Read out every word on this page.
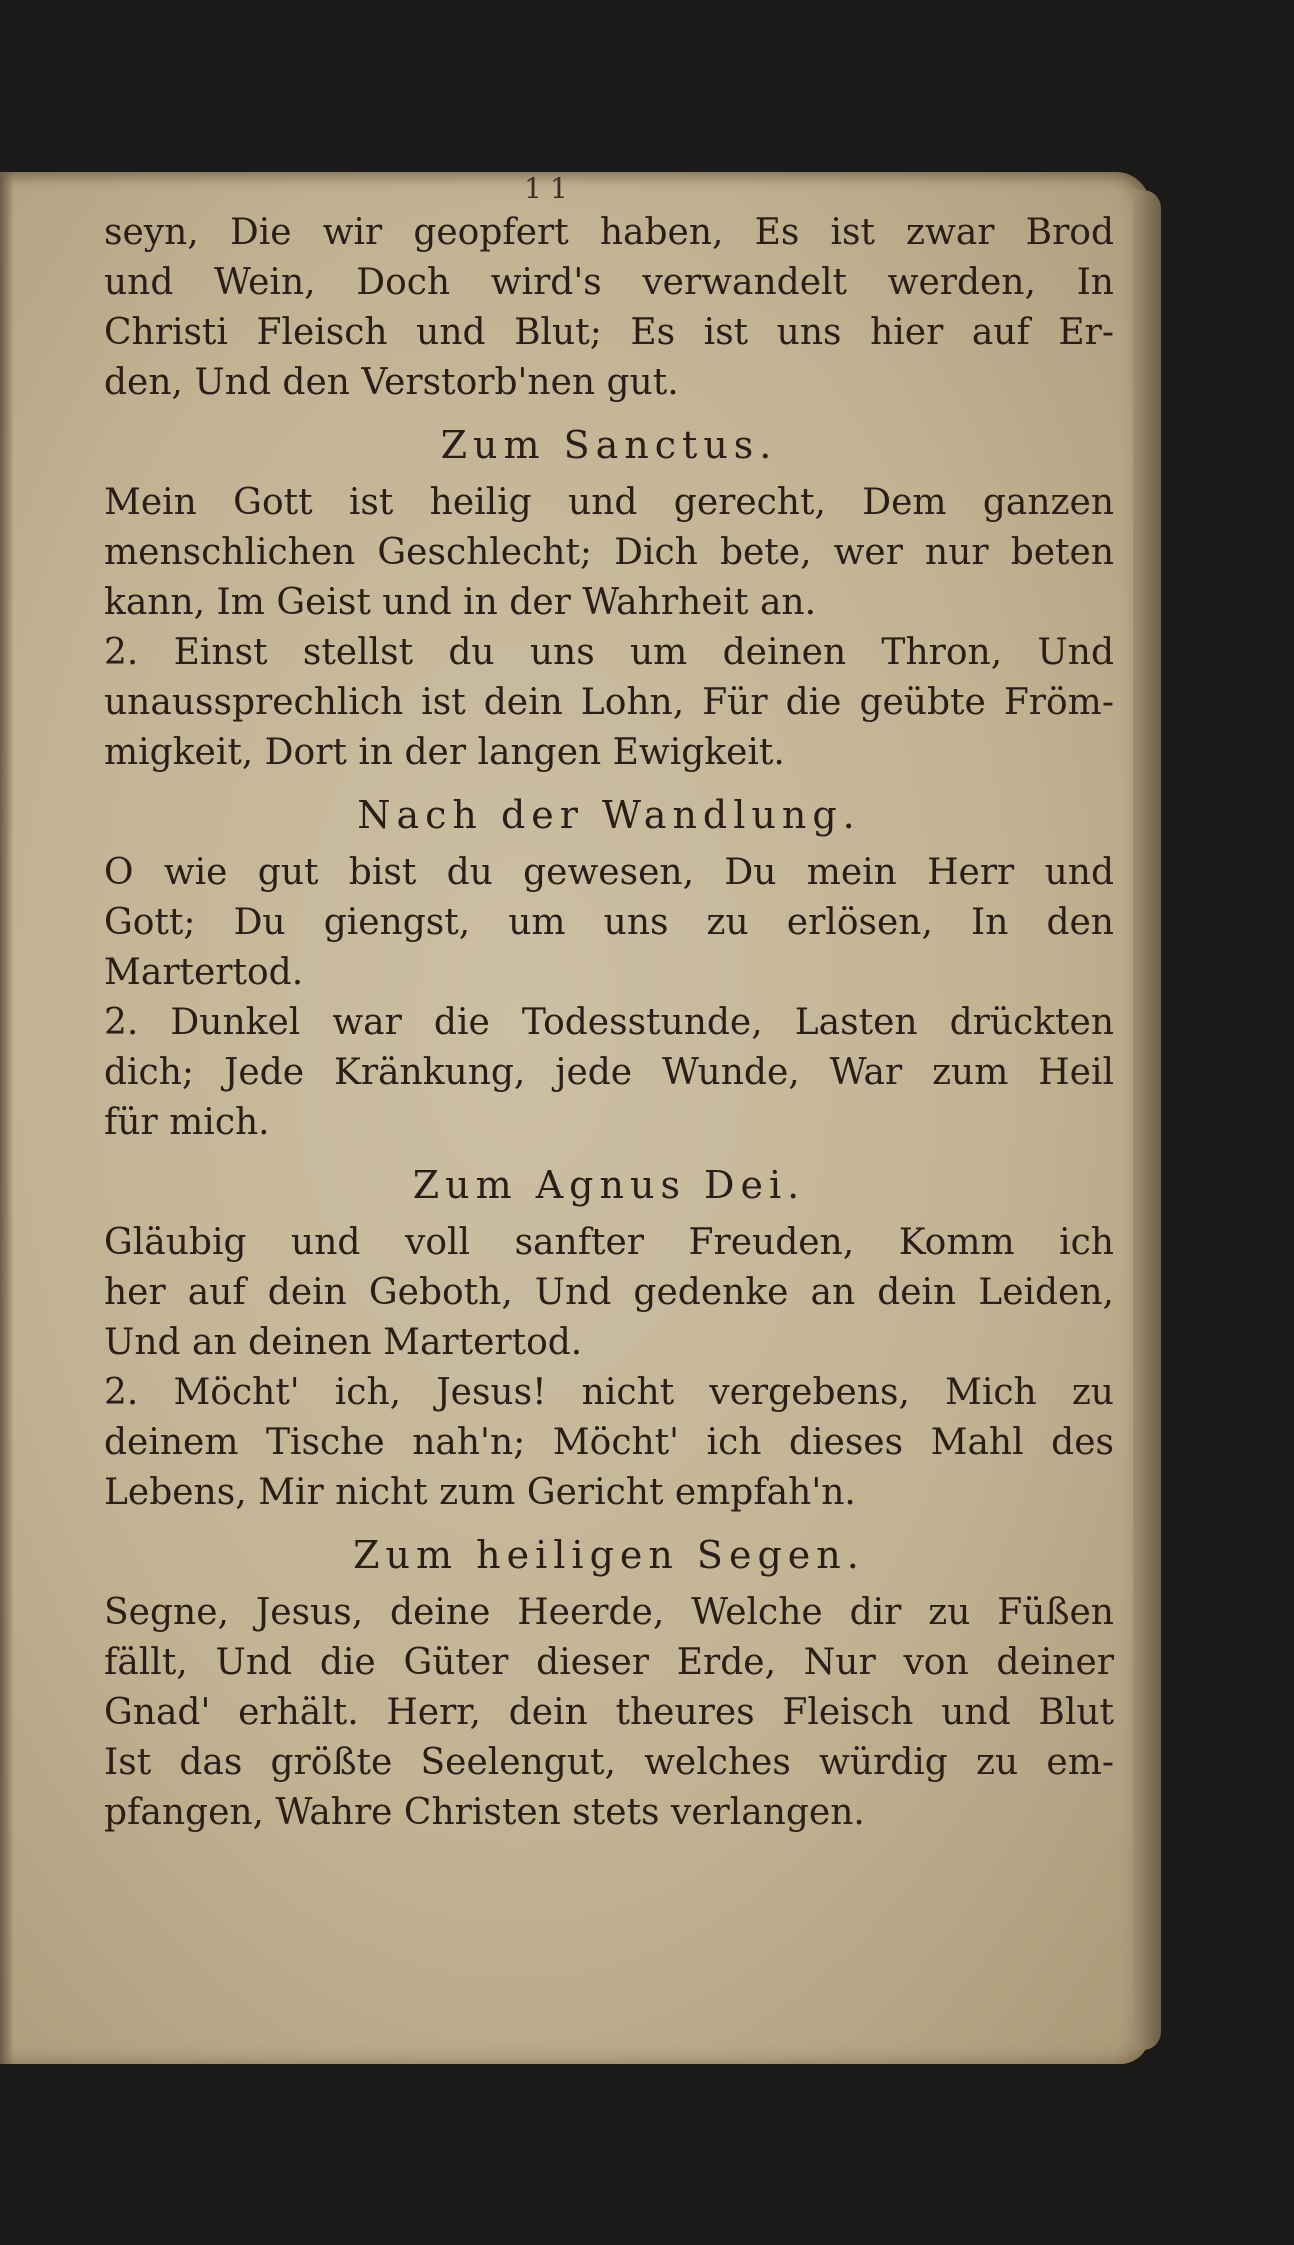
11
seyn, Die wir geopfert haben, Es ist zwar Brod
und Wein, Doch wird's verwandelt werden, In
Christi Fleisch und Blut; Es ist uns hier auf Er-
den, Und den Verstorb'nen gut.
Zum Sanctus.
Mein Gott ist heilig und gerecht, Dem ganzen
menschlichen Geschlecht; Dich bete, wer nur beten
kann, Im Geist und in der Wahrheit an.
2. Einst stellst du uns um deinen Thron, Und
unaussprechlich ist dein Lohn, Für die geübte Fröm-
migkeit, Dort in der langen Ewigkeit.
Nach der Wandlung.
O wie gut bist du gewesen, Du mein Herr und
Gott; Du giengst, um uns zu erlösen, In den
Martertod.
2. Dunkel war die Todesstunde, Lasten drückten
dich; Jede Kränkung, jede Wunde, War zum Heil
für mich.
Zum Agnus Dei.
Gläubig und voll sanfter Freuden, Komm ich
her auf dein Geboth, Und gedenke an dein Leiden,
Und an deinen Martertod.
2. Möcht' ich, Jesus! nicht vergebens, Mich zu
deinem Tische nah'n; Möcht' ich dieses Mahl des
Lebens, Mir nicht zum Gericht empfah'n.
Zum heiligen Segen.
Segne, Jesus, deine Heerde, Welche dir zu Füßen
fällt, Und die Güter dieser Erde, Nur von deiner
Gnad' erhält. Herr, dein theures Fleisch und Blut
Ist das größte Seelengut, welches würdig zu em-
pfangen, Wahre Christen stets verlangen.
